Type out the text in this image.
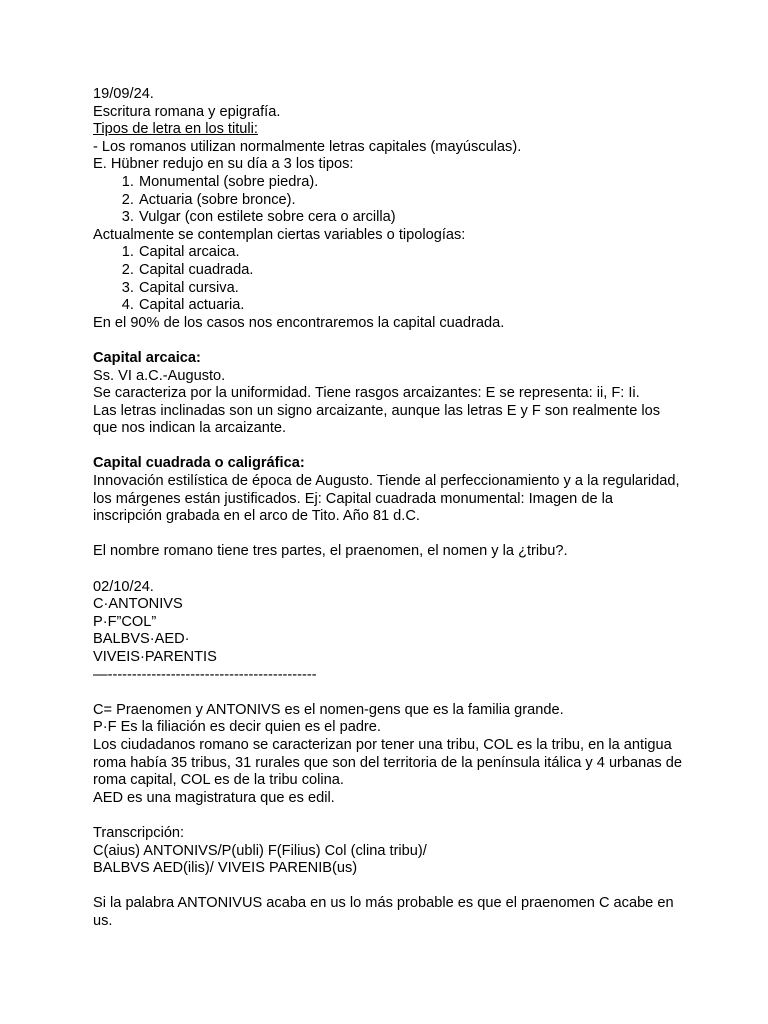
19/09/24.

Escritura romana y epigrafía.

Tipos de letra en los tituli:

- Los romanos utilizan normalmente letras capitales (mayúsculas).

E. Hübner redujo en su día a 3 los tipos:

1. Monumental (sobre piedra).
2. Actuaria (sobre bronce).
3. Vulgar (con estilete sobre cera o arcilla)

Actualmente se contemplan ciertas variables o tipologías:

1. Capital arcaica.
2. Capital cuadrada.
3. Capital cursiva.
4. Capital actuaria.

En el 90% de los casos nos encontraremos la capital cuadrada.

Capital arcaica:

Ss. VI a.C.-Augusto.

Se caracteriza por la uniformidad. Tiene rasgos arcaizantes: E se representa: ii, F: Ii.

Las letras inclinadas son un signo arcaizante, aunque las letras E y F son realmente los que nos indican la arcaizante.

Capital cuadrada o caligráfica:

Innovación estilística de época de Augusto. Tiende al perfeccionamiento y a la regularidad, los márgenes están justificados. Ej: Capital cuadrada monumental: Imagen de la inscripción grabada en el arco de Tito. Año 81 d.C.

El nombre romano tiene tres partes, el praenomen, el nomen y la ¿tribu?.

02/10/24.

C·ANTONIVS

P·F”COL”

BALBVS·AED·

VIVEIS·PARENTIS

—-------------------------------------------

C= Praenomen y ANTONIVS es el nomen-gens que es la familia grande.

P·F Es la filiación es decir quien es el padre.

Los ciudadanos romano se caracterizan por tener una tribu, COL es la tribu, en la antigua roma había 35 tribus, 31 rurales que son del territoria de la península itálica y 4 urbanas de roma capital, COL es de la tribu colina.

AED es una magistratura que es edil.

Transcripción:

C(aius) ANTONIVS/P(ubli) F(Filius) Col (clina tribu)/

BALBVS AED(ilis)/ VIVEIS PARENIB(us)

Si la palabra ANTONIVUS acaba en us lo más probable es que el praenomen C acabe en us.
